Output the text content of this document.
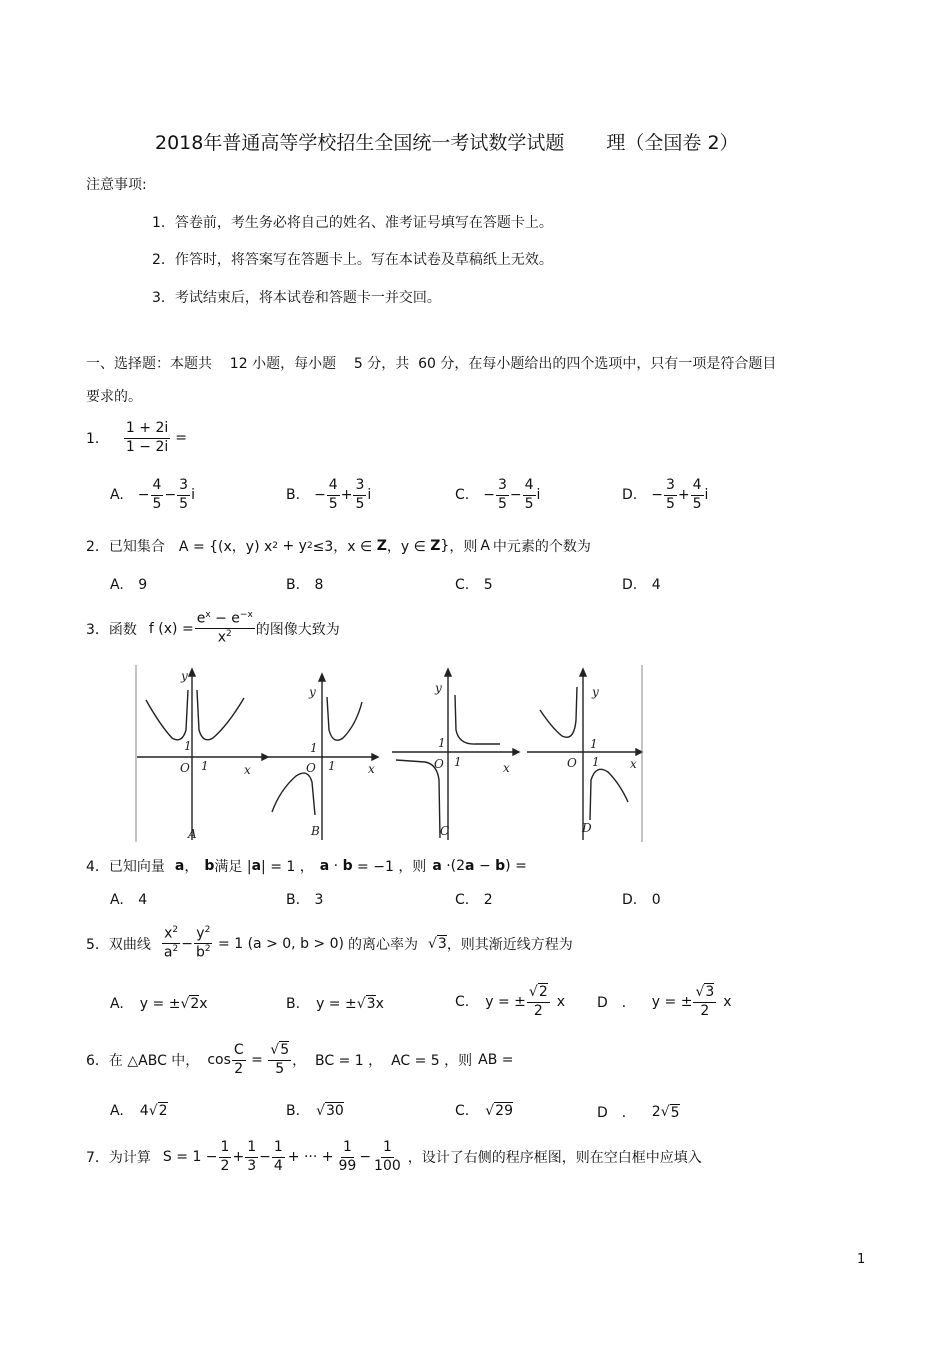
2018年普通高等学校招生全国统一考试数学试题 理（全国卷 2）
注意事项:
1．答卷前，考生务必将自己的姓名、准考证号填写在答题卡上。
2．作答时，将答案写在答题卡上。写在本试卷及草稿纸上无效。
3．考试结束后，将本试卷和答题卡一并交回。
一、选择题：本题共    12 小题，每小题    5 分，共  60 分，在每小题给出的四个选项中，只有一项是符合题目
要求的。
1． $\frac{1 + 2i}{1 - 2i}$ =
A. − $\frac{4}{5} - \frac{3}{5}$ i	B. − $\frac{4}{5} + \frac{3}{5}$ i	C. − $\frac{3}{5} - \frac{4}{5}$ i	D. − $\frac{3}{5} + \frac{4}{5}$ i
2． 已知集合 A = {(x，y) x 2 + y 2 ≤3，x ∈ Z ，y ∈ Z } ，则 A 中元素的个数为
A. 9	B. 8	C. 5	D. 4
3． 函数 f $(x) = \frac{e^x - e^{-x}}{x^2}$ 的图像大致为
y
x
O
1
1
y
x
O
1
1
y
x
O
1
1
y
x
O
1
1
A	B	C	D
4． 已知向量 a ， b 满足 | a | = 1 ， a · b = −1 ，则 a ·(2 a − b ) =
A. 4	B. 3	C. 2	D. 0
5． 双曲线 $\frac{x^2}{a^2} - \frac{y^2}{b^2} = 1$ (a > 0, b > 0) 的离心率为 √3 ，则其渐近线方程为
A. y = ± √ 2 x	B. y = ± √ 3 x	C. y = ± $\frac{√2}{2}$ x D　． y = ± $\frac{√3}{2}$ x
6． 在 △ABC 中， $\cos \frac{C}{2} = \frac{√5}{5}$ ，  BC = 1 ，  AC = 5 ，则 AB =
A. 4 √ 2	B. √ 30	C. √ 29	D　． 2 √ 5
7． 为计算 $S = 1 - \frac{1}{2} + \frac{1}{3} - \frac{1}{4}$ + ··· + $\frac{1}{99} - \frac{1}{100}$ ，设计了右侧的程序框图，则在空白框中应填入
1
